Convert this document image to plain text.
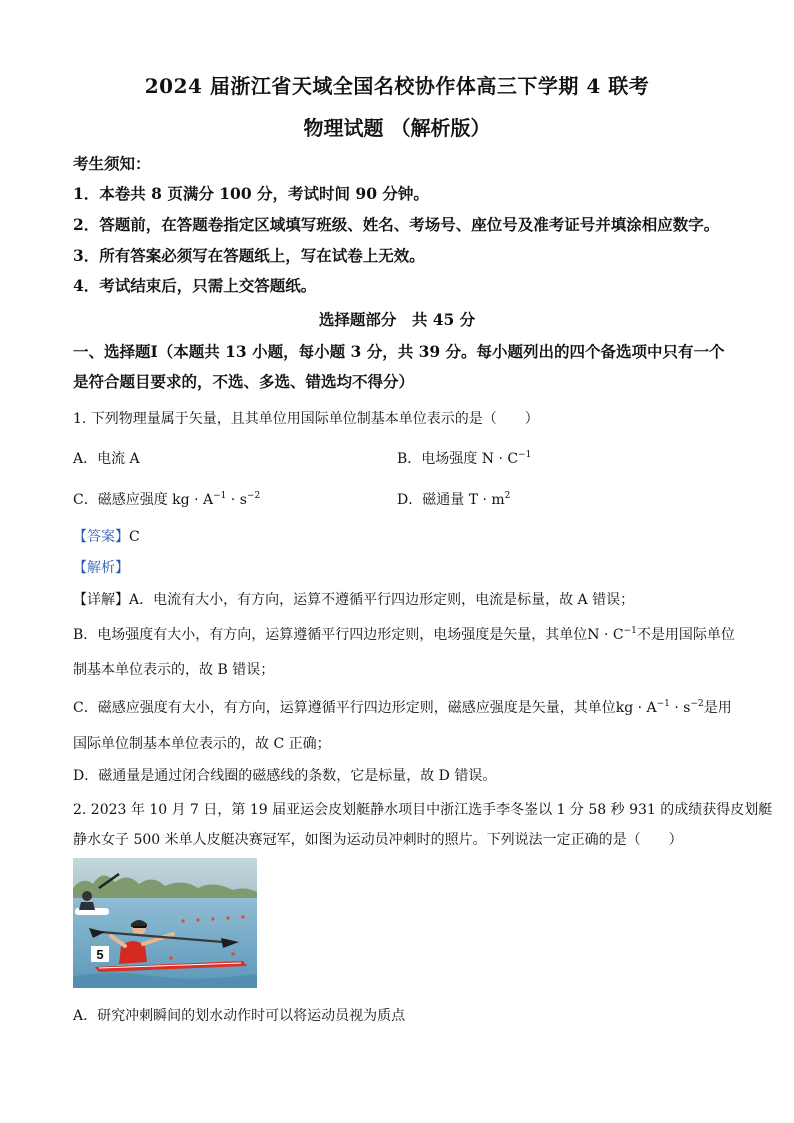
2024 届浙江省天域全国名校协作体高三下学期 4 联考
物理试题 （解析版）
考生须知：
1．本卷共 8 页满分 100 分，考试时间 90 分钟。
2．答题前，在答题卷指定区域填写班级、姓名、考场号、座位号及准考证号并填涂相应数字。
3．所有答案必须写在答题纸上，写在试卷上无效。
4．考试结束后，只需上交答题纸。
选择题部分　共 45 分
一、选择题Ⅰ（本题共 13 小题，每小题 3 分，共 39 分。每小题列出的四个备选项中只有一个
是符合题目要求的，不选、多选、错选均不得分）
1. 下列物理量属于矢量，且其单位用国际单位制基本单位表示的是（　　）
A．电流 A	B．电场强度 $N \cdot C^{-1}$
C．磁感应强度 kg · $A^{-1} \cdot s^{-2}$	D．磁通量 $T \cdot m^2$
【答案】C
【解析】
【详解】A．电流有大小，有方向，运算不遵循平行四边形定则，电流是标量，故 A 错误；
B．电场强度有大小，有方向，运算遵循平行四边形定则，电场强度是矢量，其单位$N \cdot C^{-1}$不是用国际单位
制基本单位表示的，故 B 错误；
C．磁感应强度有大小，有方向，运算遵循平行四边形定则，磁感应强度是矢量，其单位kg · $A^{-1} \cdot s^{-2}$是用
国际单位制基本单位表示的，故 C 正确；
D．磁通量是通过闭合线圈的磁感线的条数，它是标量，故 D 错误。
2. 2023 年 10 月 7 日，第 19 届亚运会皮划艇静水项目中浙江选手李冬崟以 1 分 58 秒 931 的成绩获得皮划艇
静水女子 500 米单人皮艇决赛冠军，如图为运动员冲刺时的照片。下列说法一定正确的是（　　）
5
A．研究冲刺瞬间的划水动作时可以将运动员视为质点
